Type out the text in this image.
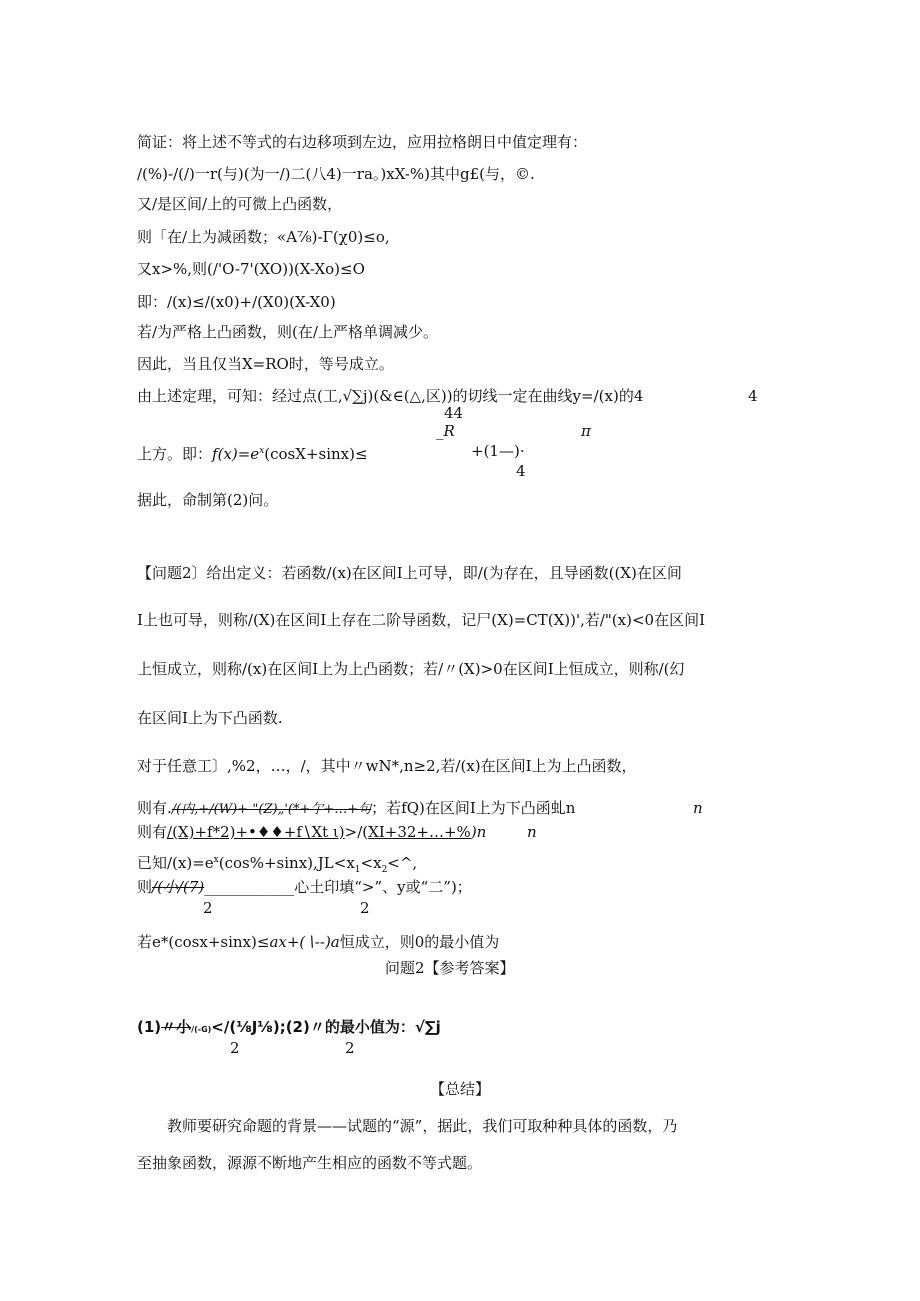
简证：将上述不等式的右边移项到左边，应用拉格朗日中值定理有：
/(%)-/(/)一r(与)(为一/)二(八4)一ra。)xX-%)其中g£(与，©.
又/是区间/上的可微上凸函数，
则「在/上为减函数；«A⅞)-Γ(χ0)≤o,
又x>%,则(/'O-7'(XO))(X-Xo)≤O
即：/(x)≤/(x0)+/(X0)(X-X0)
若/为严格上凸函数，则(在/上严格单调减少。
因此，当且仅当X=RO时，等号成立。
由上述定理，可知：经过点(工,√∑j)(&∈(△,区))的切线一定在曲线y=∕(x)的4	4
44
_R	π
上方。即：$f(x)=e^x(\cos X+\sin x)\le$	+(1—)·
4
据此，命制第(2)问。
【问题2〕给出定义：若函数/(x)在区间I上可导，即/(为存在，且导函数((X)在区间
I上也可导，则称/(X)在区间I上存在二阶导函数，记尸(X)=CT(X))',若/"(x)<0在区间I
上恒成立，则称/(x)在区间I上为上凸函数；若/〃(X)>0在区间I上恒成立，则称/(幻
在区间I上为下凸函数.
对于任意工〕,%2，…，/，其中〃wN*,n≥2,若/(x)在区间I上为上凸函数，
则有./(内,+/(W)+-"(Z)„'(*+亇+…+句；若fQ)在区间I上为下凸函虬n	n
则有/(X)+f*2)+•♦♦+f∖Xt ι)>/(XI+32+…+%)n	n
已知$/(x)=e^x(\cos\%+\sin x),JL<x_1<x_2<\^{}$,
则/(小/(7)____________心土印填“>”、y或“二”)；
2	2
若e*(cosx+sinx)≤ax+(∖--)a恒成立，则0的最小值为
问题2【参考答案】
(1)〃小/(-G)</(⅛J⅛);(2)〃的最小值为：√∑j
2	2
【总结】
教师要研究命题的背景——试题的“源”，据此，我们可取种种具体的函数，乃
至抽象函数，源源不断地产生相应的函数不等式题。
